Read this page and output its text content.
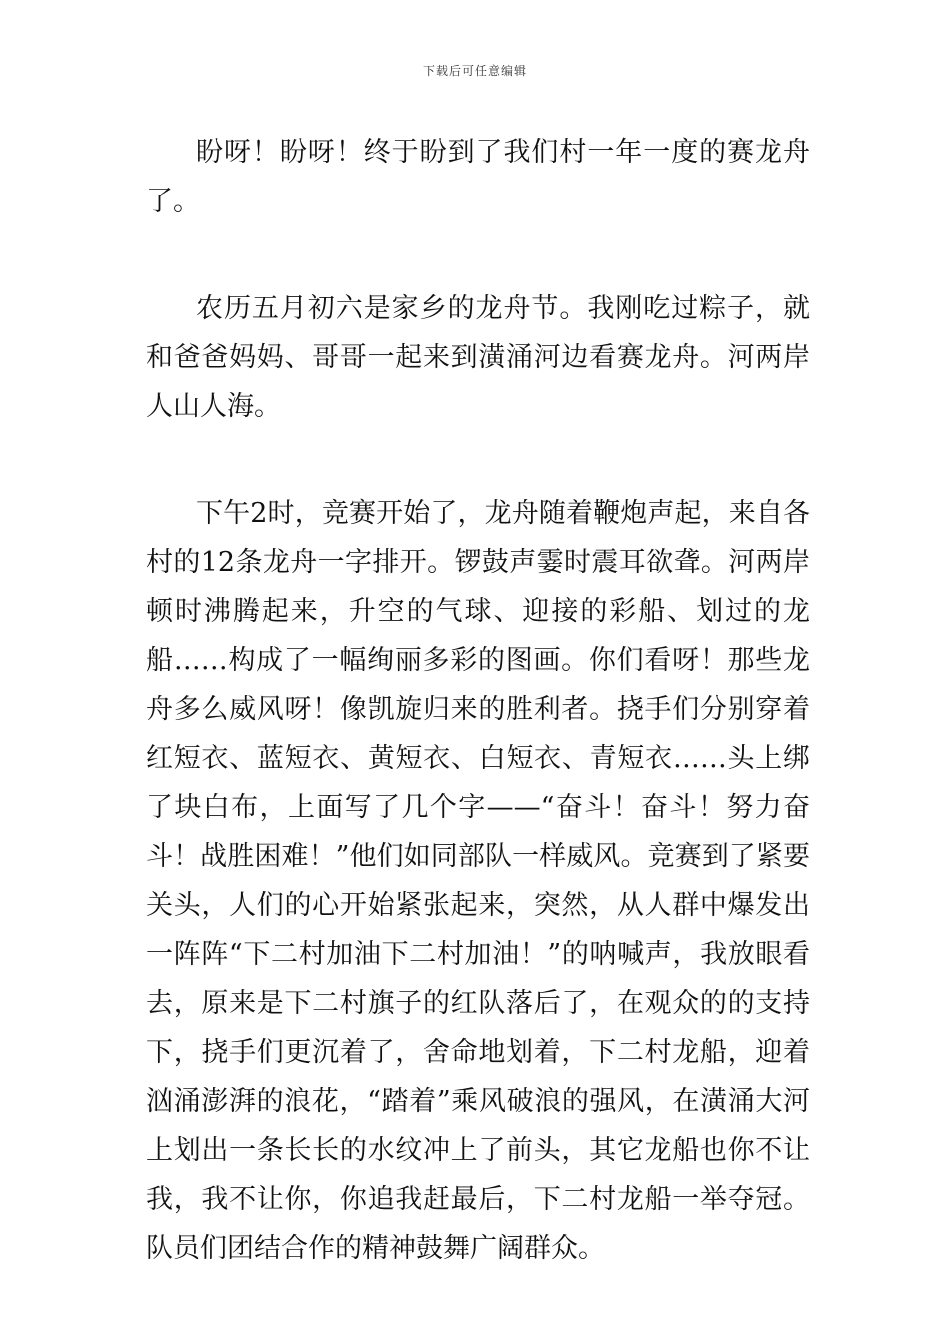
下载后可任意编辑

盼呀！盼呀！终于盼到了我们村一年一度的赛龙舟了。

农历五月初六是家乡的龙舟节。我刚吃过粽子，就和爸爸妈妈、哥哥一起来到潢涌河边看赛龙舟。河两岸人山人海。

下午2时，竞赛开始了，龙舟随着鞭炮声起，来自各村的12条龙舟一字排开。锣鼓声霎时震耳欲聋。河两岸顿时沸腾起来，升空的气球、迎接的彩船、划过的龙船……构成了一幅绚丽多彩的图画。你们看呀！那些龙舟多么威风呀！像凯旋归来的胜利者。挠手们分别穿着红短衣、蓝短衣、黄短衣、白短衣、青短衣……头上绑了块白布，上面写了几个字——“奋斗！奋斗！努力奋斗！战胜困难！”他们如同部队一样威风。竞赛到了紧要关头，人们的心开始紧张起来，突然，从人群中爆发出一阵阵“下二村加油下二村加油！”的呐喊声，我放眼看去，原来是下二村旗子的红队落后了，在观众的的支持下，挠手们更沉着了，舍命地划着，下二村龙船，迎着汹涌澎湃的浪花，“踏着”乘风破浪的强风，在潢涌大河上划出一条长长的水纹冲上了前头，其它龙船也你不让我，我不让你，你追我赶最后，下二村龙船一举夺冠。队员们团结合作的精神鼓舞广阔群众。
